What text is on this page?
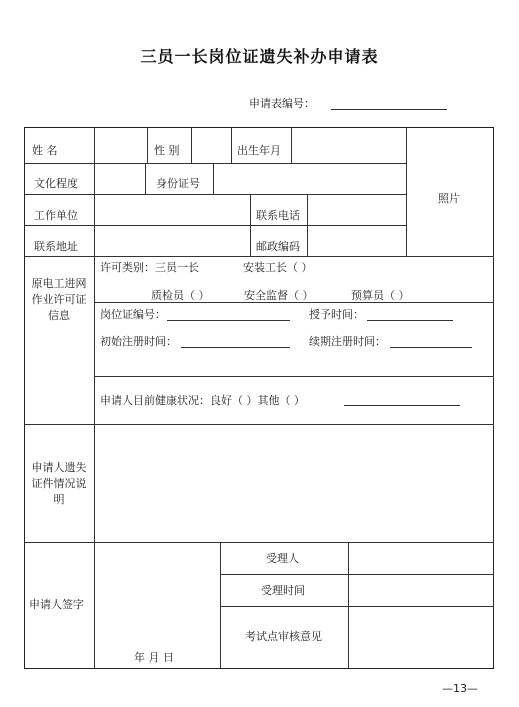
三员一长岗位证遗失补办申请表
申请表编号：
姓 名	性 别	出生年月
文化程度	身份证号
照片
工作单位	联系电话
联系地址	邮政编码
原电工进网作业许可证信息
许可类别：三员一长	安装工长（ ）
质检员（ ）	安全监督（ ）	预算员（ ）
岗位证编号：	授予时间：
初始注册时间：	续期注册时间：
申请人目前健康状况：良好（ ）其他（ ）
申请人遗失证件情况说明
申请人签字
年 月 日
受理人
受理时间
考试点审核意见
—13—
